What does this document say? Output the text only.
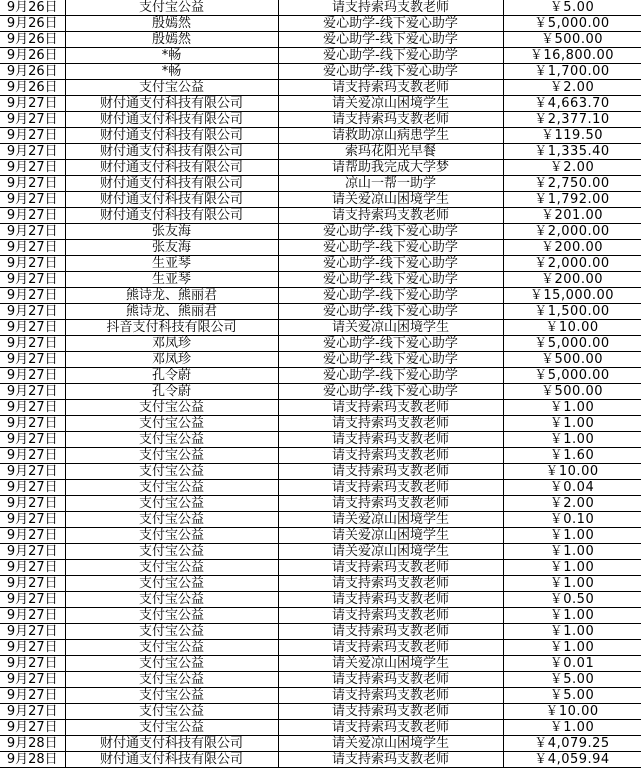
9月26日	支付宝公益	请支持索玛支教老师	￥5.00
9月26日	殷嫣然	爱心助学-线下爱心助学	￥5,000.00
9月26日	殷嫣然	爱心助学-线下爱心助学	￥500.00
9月26日	*畅	爱心助学-线下爱心助学	￥16,800.00
9月26日	*畅	爱心助学-线下爱心助学	￥1,700.00
9月26日	支付宝公益	请支持索玛支教老师	￥2.00
9月27日	财付通支付科技有限公司	请关爱凉山困境学生	￥4,663.70
9月27日	财付通支付科技有限公司	请支持索玛支教老师	￥2,377.10
9月27日	财付通支付科技有限公司	请救助凉山病患学生	￥119.50
9月27日	财付通支付科技有限公司	索玛花阳光早餐	￥1,335.40
9月27日	财付通支付科技有限公司	请帮助我完成大学梦	￥2.00
9月27日	财付通支付科技有限公司	凉山一帮一助学	￥2,750.00
9月27日	财付通支付科技有限公司	请关爱凉山困境学生	￥1,792.00
9月27日	财付通支付科技有限公司	请支持索玛支教老师	￥201.00
9月27日	张友海	爱心助学-线下爱心助学	￥2,000.00
9月27日	张友海	爱心助学-线下爱心助学	￥200.00
9月27日	生亚琴	爱心助学-线下爱心助学	￥2,000.00
9月27日	生亚琴	爱心助学-线下爱心助学	￥200.00
9月27日	熊诗龙、熊丽君	爱心助学-线下爱心助学	￥15,000.00
9月27日	熊诗龙、熊丽君	爱心助学-线下爱心助学	￥1,500.00
9月27日	抖音支付科技有限公司	请关爱凉山困境学生	￥10.00
9月27日	邓凤珍	爱心助学-线下爱心助学	￥5,000.00
9月27日	邓凤珍	爱心助学-线下爱心助学	￥500.00
9月27日	孔令蔚	爱心助学-线下爱心助学	￥5,000.00
9月27日	孔令蔚	爱心助学-线下爱心助学	￥500.00
9月27日	支付宝公益	请支持索玛支教老师	￥1.00
9月27日	支付宝公益	请支持索玛支教老师	￥1.00
9月27日	支付宝公益	请支持索玛支教老师	￥1.00
9月27日	支付宝公益	请支持索玛支教老师	￥1.60
9月27日	支付宝公益	请支持索玛支教老师	￥10.00
9月27日	支付宝公益	请支持索玛支教老师	￥0.04
9月27日	支付宝公益	请支持索玛支教老师	￥2.00
9月27日	支付宝公益	请关爱凉山困境学生	￥0.10
9月27日	支付宝公益	请关爱凉山困境学生	￥1.00
9月27日	支付宝公益	请关爱凉山困境学生	￥1.00
9月27日	支付宝公益	请支持索玛支教老师	￥1.00
9月27日	支付宝公益	请支持索玛支教老师	￥1.00
9月27日	支付宝公益	请支持索玛支教老师	￥0.50
9月27日	支付宝公益	请支持索玛支教老师	￥1.00
9月27日	支付宝公益	请支持索玛支教老师	￥1.00
9月27日	支付宝公益	请支持索玛支教老师	￥1.00
9月27日	支付宝公益	请关爱凉山困境学生	￥0.01
9月27日	支付宝公益	请支持索玛支教老师	￥5.00
9月27日	支付宝公益	请支持索玛支教老师	￥5.00
9月27日	支付宝公益	请支持索玛支教老师	￥10.00
9月27日	支付宝公益	请支持索玛支教老师	￥1.00
9月28日	财付通支付科技有限公司	请关爱凉山困境学生	￥4,079.25
9月28日	财付通支付科技有限公司	请支持索玛支教老师	￥4,059.94
